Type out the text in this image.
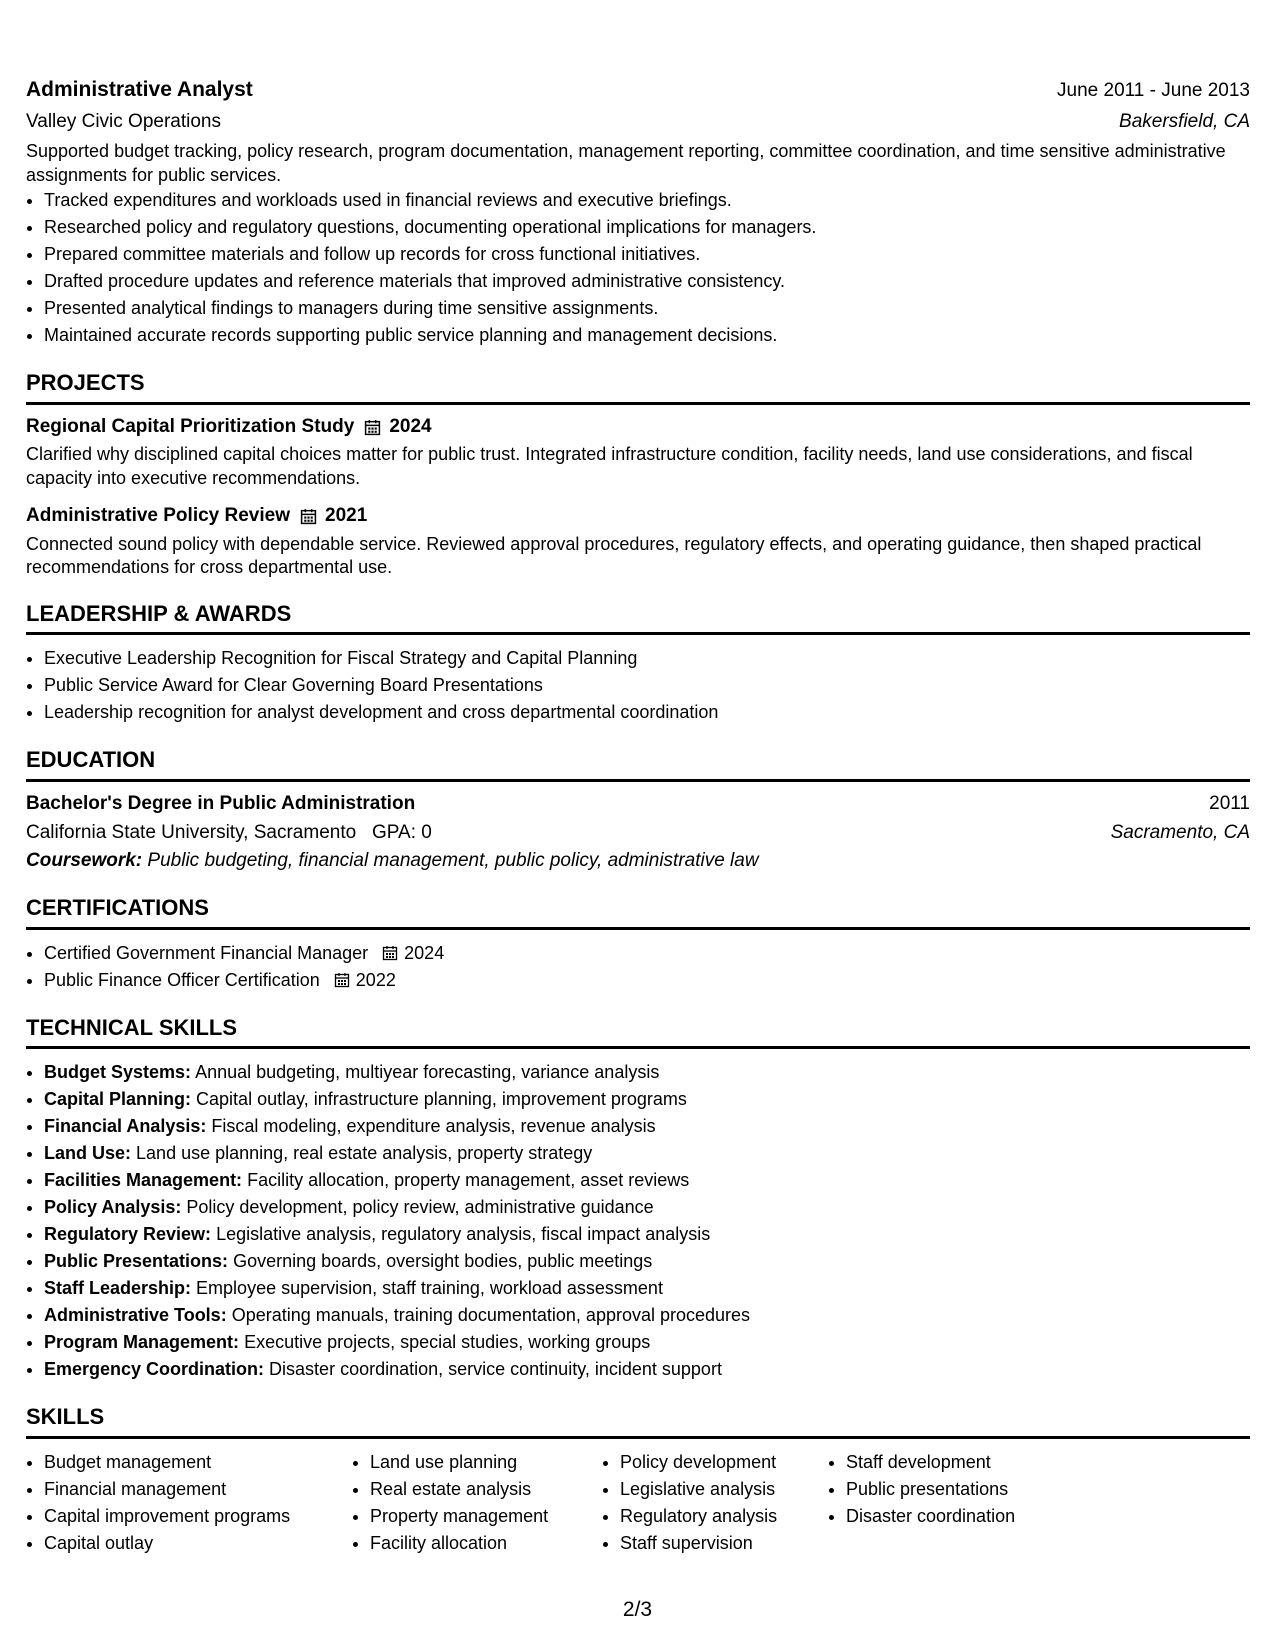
Administrative Analyst	June 2011 - June 2013
Valley Civic Operations	Bakersfield, CA

Supported budget tracking, policy research, program documentation, management reporting, committee coordination, and time sensitive administrative assignments for public services.

• Tracked expenditures and workloads used in financial reviews and executive briefings.
• Researched policy and regulatory questions, documenting operational implications for managers.
• Prepared committee materials and follow up records for cross functional initiatives.
• Drafted procedure updates and reference materials that improved administrative consistency.
• Presented analytical findings to managers during time sensitive assignments.
• Maintained accurate records supporting public service planning and management decisions.
PROJECTS
Regional Capital Prioritization Study 2024

Clarified why disciplined capital choices matter for public trust. Integrated infrastructure condition, facility needs, land use considerations, and fiscal capacity into executive recommendations.

Administrative Policy Review 2021

Connected sound policy with dependable service. Reviewed approval procedures, regulatory effects, and operating guidance, then shaped practical recommendations for cross departmental use.

LEADERSHIP & AWARDS
• Executive Leadership Recognition for Fiscal Strategy and Capital Planning
• Public Service Award for Clear Governing Board Presentations
• Leadership recognition for analyst development and cross departmental coordination
EDUCATION
Bachelor's Degree in Public Administration	2011
California State University, Sacramento GPA: 0	Sacramento, CA
Coursework: Public budgeting, financial management, public policy, administrative law
CERTIFICATIONS
• Certified Government Financial Manager 2024
• Public Finance Officer Certification 2022
TECHNICAL SKILLS
• Budget Systems: Annual budgeting, multiyear forecasting, variance analysis
• Capital Planning: Capital outlay, infrastructure planning, improvement programs
• Financial Analysis: Fiscal modeling, expenditure analysis, revenue analysis
• Land Use: Land use planning, real estate analysis, property strategy
• Facilities Management: Facility allocation, property management, asset reviews
• Policy Analysis: Policy development, policy review, administrative guidance
• Regulatory Review: Legislative analysis, regulatory analysis, fiscal impact analysis
• Public Presentations: Governing boards, oversight bodies, public meetings
• Staff Leadership: Employee supervision, staff training, workload assessment
• Administrative Tools: Operating manuals, training documentation, approval procedures
• Program Management: Executive projects, special studies, working groups
• Emergency Coordination: Disaster coordination, service continuity, incident support
SKILLS
• Budget management
• Financial management
• Capital improvement programs
• Capital outlay
• Land use planning
• Real estate analysis
• Property management
• Facility allocation
• Policy development
• Legislative analysis
• Regulatory analysis
• Staff supervision
• Staff development
• Public presentations
• Disaster coordination
2/3
